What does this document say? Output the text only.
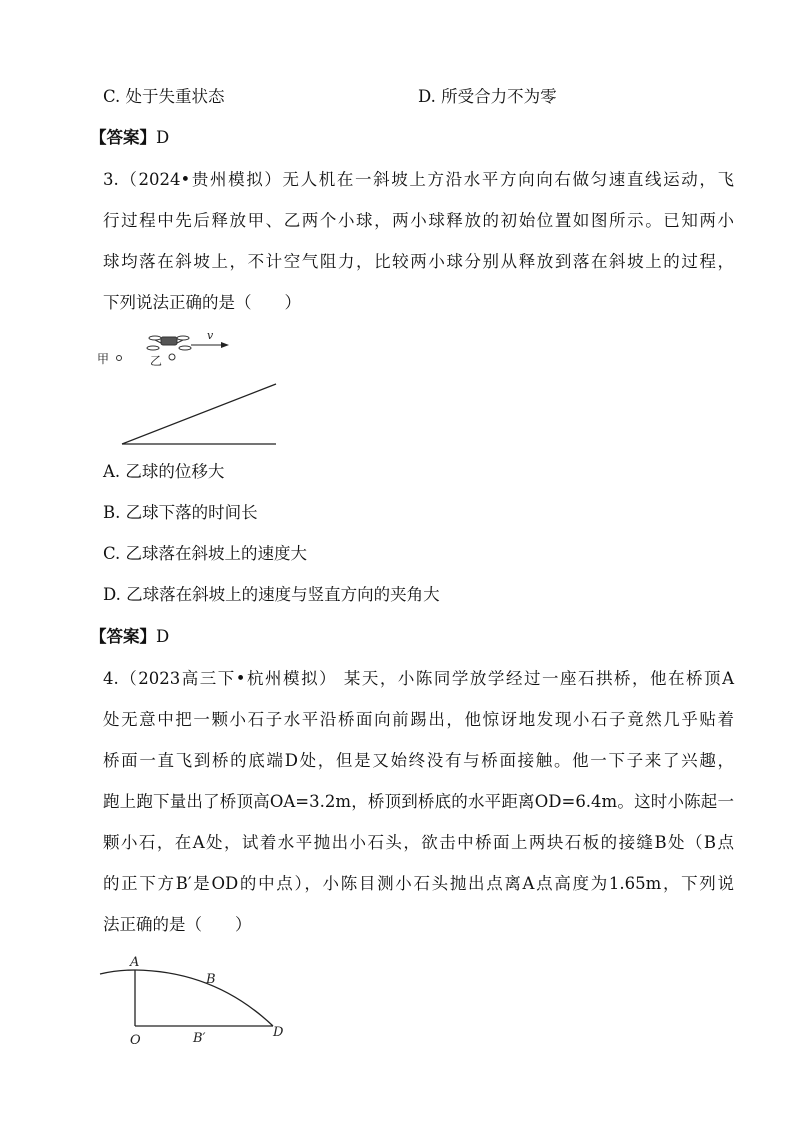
C. 处于失重状态	D. 所受合力不为零
【答案】D
3.（2024•贵州模拟）无人机在一斜坡上方沿水平方向向右做匀速直线运动，飞
行过程中先后释放甲、乙两个小球，两小球释放的初始位置如图所示。已知两小
球均落在斜坡上，不计空气阻力，比较两小球分别从释放到落在斜坡上的过程，
下列说法正确的是（　　）
甲
v
乙
A. 乙球的位移大
B. 乙球下落的时间长
C. 乙球落在斜坡上的速度大
D. 乙球落在斜坡上的速度与竖直方向的夹角大
【答案】D
4.（2023高三下•杭州模拟） 某天，小陈同学放学经过一座石拱桥，他在桥顶A
处无意中把一颗小石子水平沿桥面向前踢出，他惊讶地发现小石子竟然几乎贴着
桥面一直飞到桥的底端D处，但是又始终没有与桥面接触。他一下子来了兴趣，
跑上跑下量出了桥顶高OA=3.2m，桥顶到桥底的水平距离OD=6.4m。这时小陈起一
颗小石，在A处，试着水平抛出小石头，欲击中桥面上两块石板的接缝B处（B点
的正下方B′是OD的中点），小陈目测小石头抛出点离A点高度为1.65m，下列说
法正确的是（　　）
A
B
O	B′	D
